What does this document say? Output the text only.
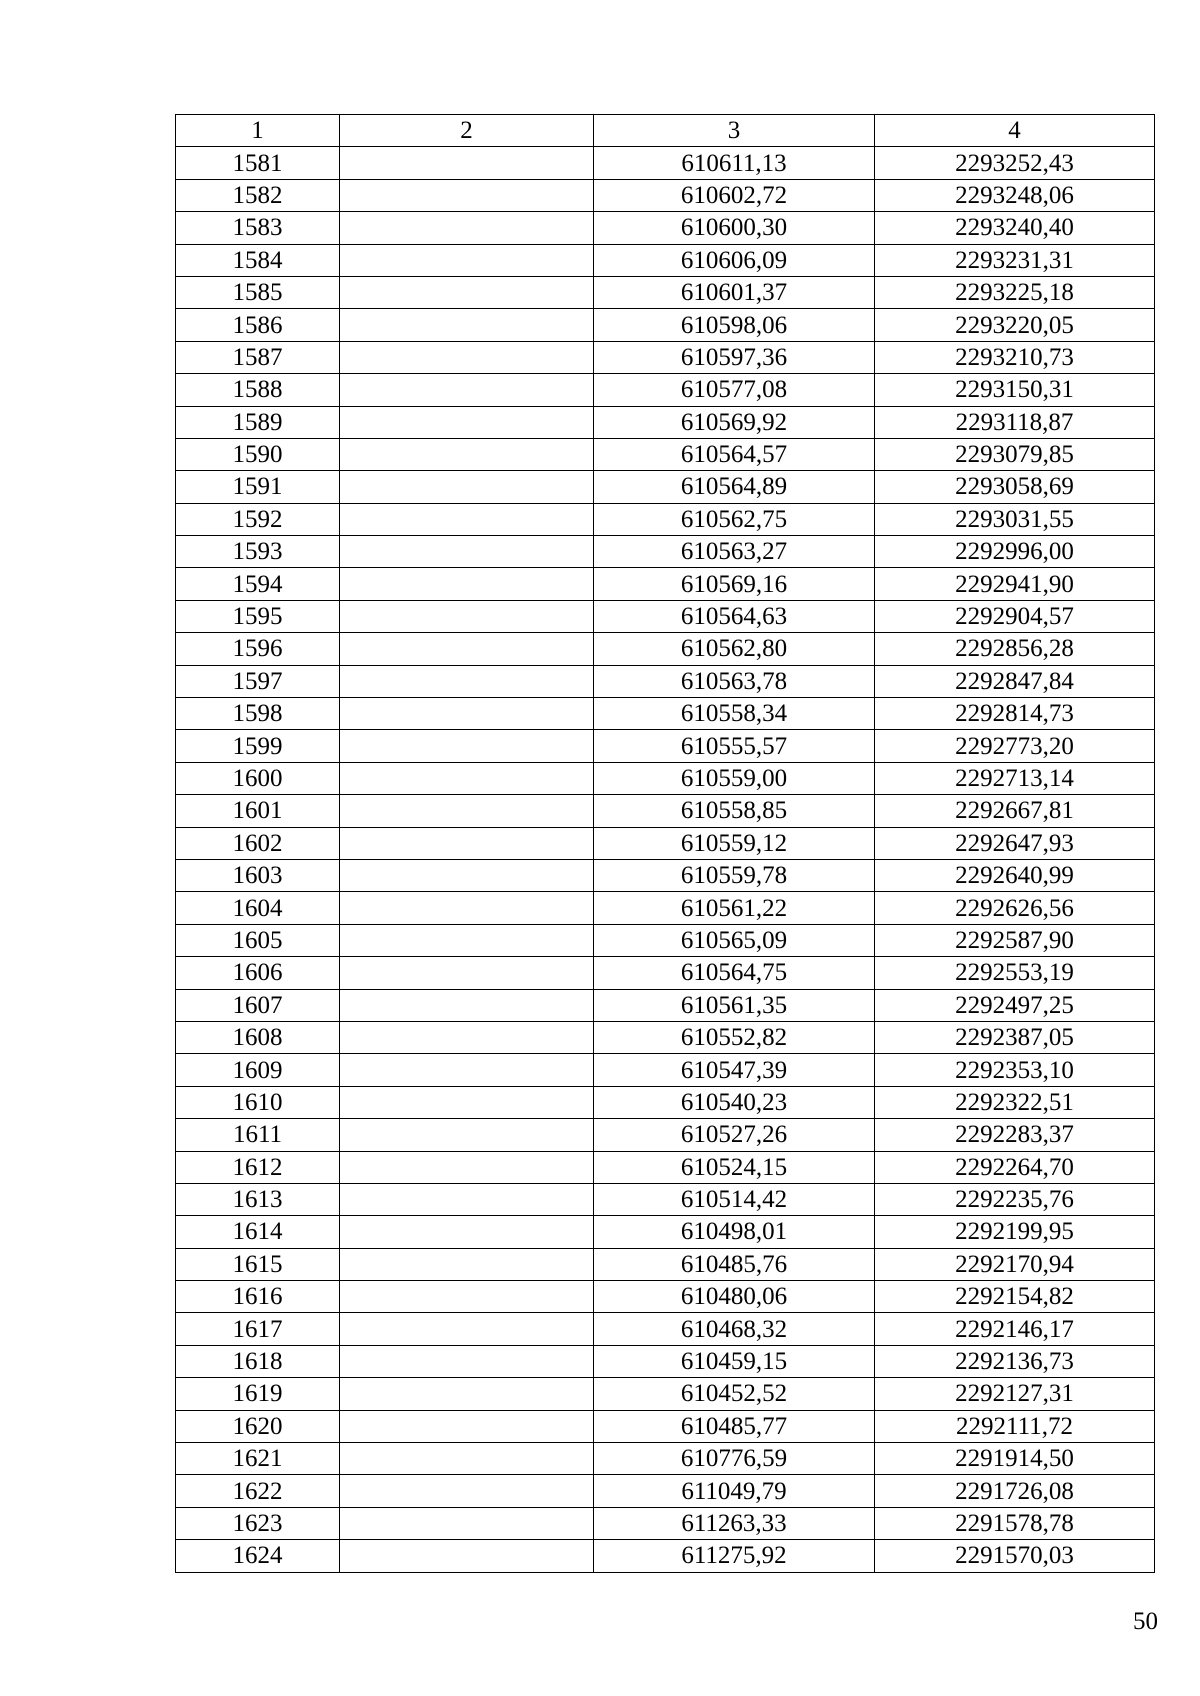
1	2	3	4
1581		610611,13	2293252,43
1582		610602,72	2293248,06
1583		610600,30	2293240,40
1584		610606,09	2293231,31
1585		610601,37	2293225,18
1586		610598,06	2293220,05
1587		610597,36	2293210,73
1588		610577,08	2293150,31
1589		610569,92	2293118,87
1590		610564,57	2293079,85
1591		610564,89	2293058,69
1592		610562,75	2293031,55
1593		610563,27	2292996,00
1594		610569,16	2292941,90
1595		610564,63	2292904,57
1596		610562,80	2292856,28
1597		610563,78	2292847,84
1598		610558,34	2292814,73
1599		610555,57	2292773,20
1600		610559,00	2292713,14
1601		610558,85	2292667,81
1602		610559,12	2292647,93
1603		610559,78	2292640,99
1604		610561,22	2292626,56
1605		610565,09	2292587,90
1606		610564,75	2292553,19
1607		610561,35	2292497,25
1608		610552,82	2292387,05
1609		610547,39	2292353,10
1610		610540,23	2292322,51
1611		610527,26	2292283,37
1612		610524,15	2292264,70
1613		610514,42	2292235,76
1614		610498,01	2292199,95
1615		610485,76	2292170,94
1616		610480,06	2292154,82
1617		610468,32	2292146,17
1618		610459,15	2292136,73
1619		610452,52	2292127,31
1620		610485,77	2292111,72
1621		610776,59	2291914,50
1622		611049,79	2291726,08
1623		611263,33	2291578,78
1624		611275,92	2291570,03
50
